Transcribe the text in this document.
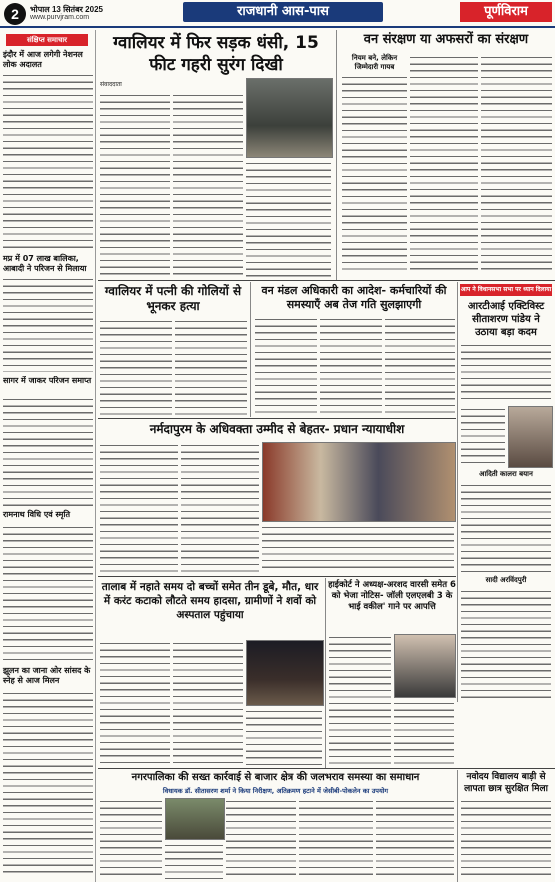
2	भोपाल 13 सितंबर 2025
www.purvjram.com	राजधानी आस-पास	पूर्णविराम
संक्षिप्त समाचार
इंदौर में आज लगेगी नेशनल लोक अदालत
मप्र में 07 लाख बालिका, आबादी ने परिजन से मिलाया
सागर में जाकर परिजन समाप्त
रामनाथ विधि एवं स्मृति
झूलन का जाना ओर सांसद के स्नेह से आज मिलन
ग्वालियर में फिर सड़क धंसी, 15 फीट गहरी सुरंग दिखी
संवाददाता
वन संरक्षण या अफसरों का संरक्षण
नियम बने, लेकिन जिम्मेदारी गायब
ग्वालियर में पत्नी की गोलियों से भूनकर हत्या
वन मंडल अधिकारी का आदेश- कर्मचारियों की समस्याएँ अब तेज गति सुलझाएगी
आप ने विधानसभा सभा पर ध्यान दिलाया
आरटीआई एक्टिविस्ट सीताशरण पांडेय ने उठाया बड़ा कदम
आदिती कालरा बयान
सादी अरविंदपुरी
नर्मदापुरम के अधिवक्ता उम्मीद से बेहतर- प्रधान न्यायाधीश
तालाब में नहाते समय दो बच्चों समेत तीन डूबे, मौत, धार में करंट कटाको लौटते समय हादसा, ग्रामीणों ने शवों को अस्पताल पहुंचाया
हाईकोर्ट ने अध्यक्ष-अरशद वारसी समेत 6 को भेजा नोटिस- जॉली एलएलबी 3 के भाई वकील' गाने पर आपत्ति
नगरपालिका की सख्त कार्रवाई से बाजार क्षेत्र की जलभराव समस्या का समाधान
विधायक डॉ. सीतासरण शर्मा ने किया निरीक्षण, अतिक्रमण हटाने में जेसीबी-पोकलेन का उपयोग
नवोदय विद्यालय बाड़ी से लापता छात्र सुरक्षित मिला
